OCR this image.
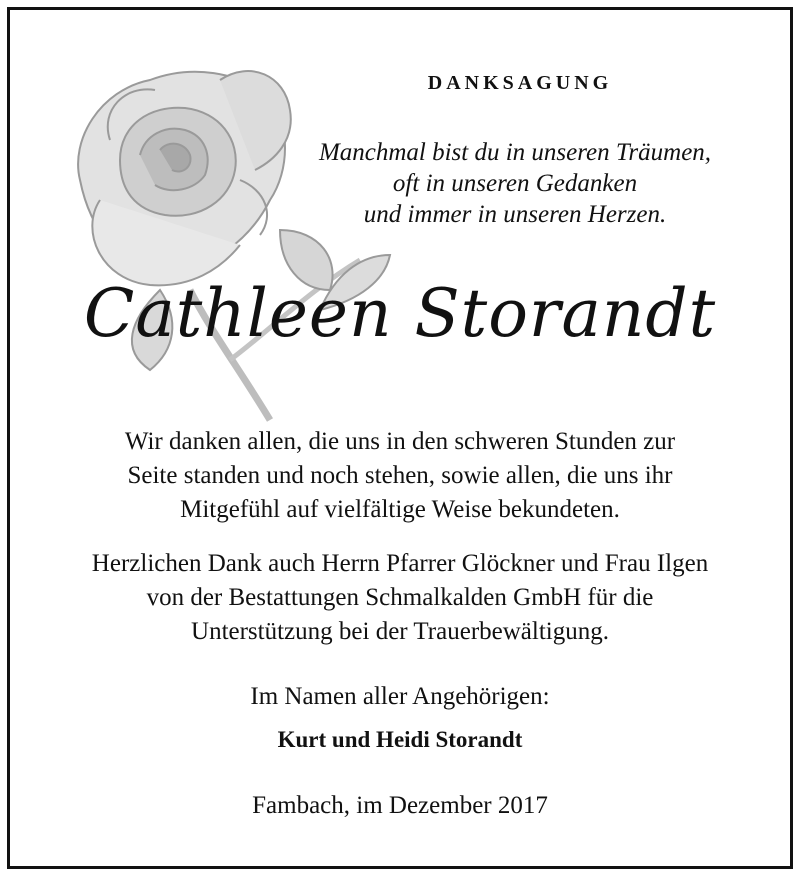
DANKSAGUNG
Manchmal bist du in unseren Träumen,
oft in unseren Gedanken
und immer in unseren Herzen.
Cathleen Storandt
Wir danken allen, die uns in den schweren Stunden zur
Seite standen und noch stehen, sowie allen, die uns ihr
Mitgefühl auf vielfältige Weise bekundeten.
Herzlichen Dank auch Herrn Pfarrer Glöckner und Frau Ilgen
von der Bestattungen Schmalkalden GmbH für die
Unterstützung bei der Trauerbewältigung.
Im Namen aller Angehörigen:
Kurt und Heidi Storandt
Fambach, im Dezember 2017
